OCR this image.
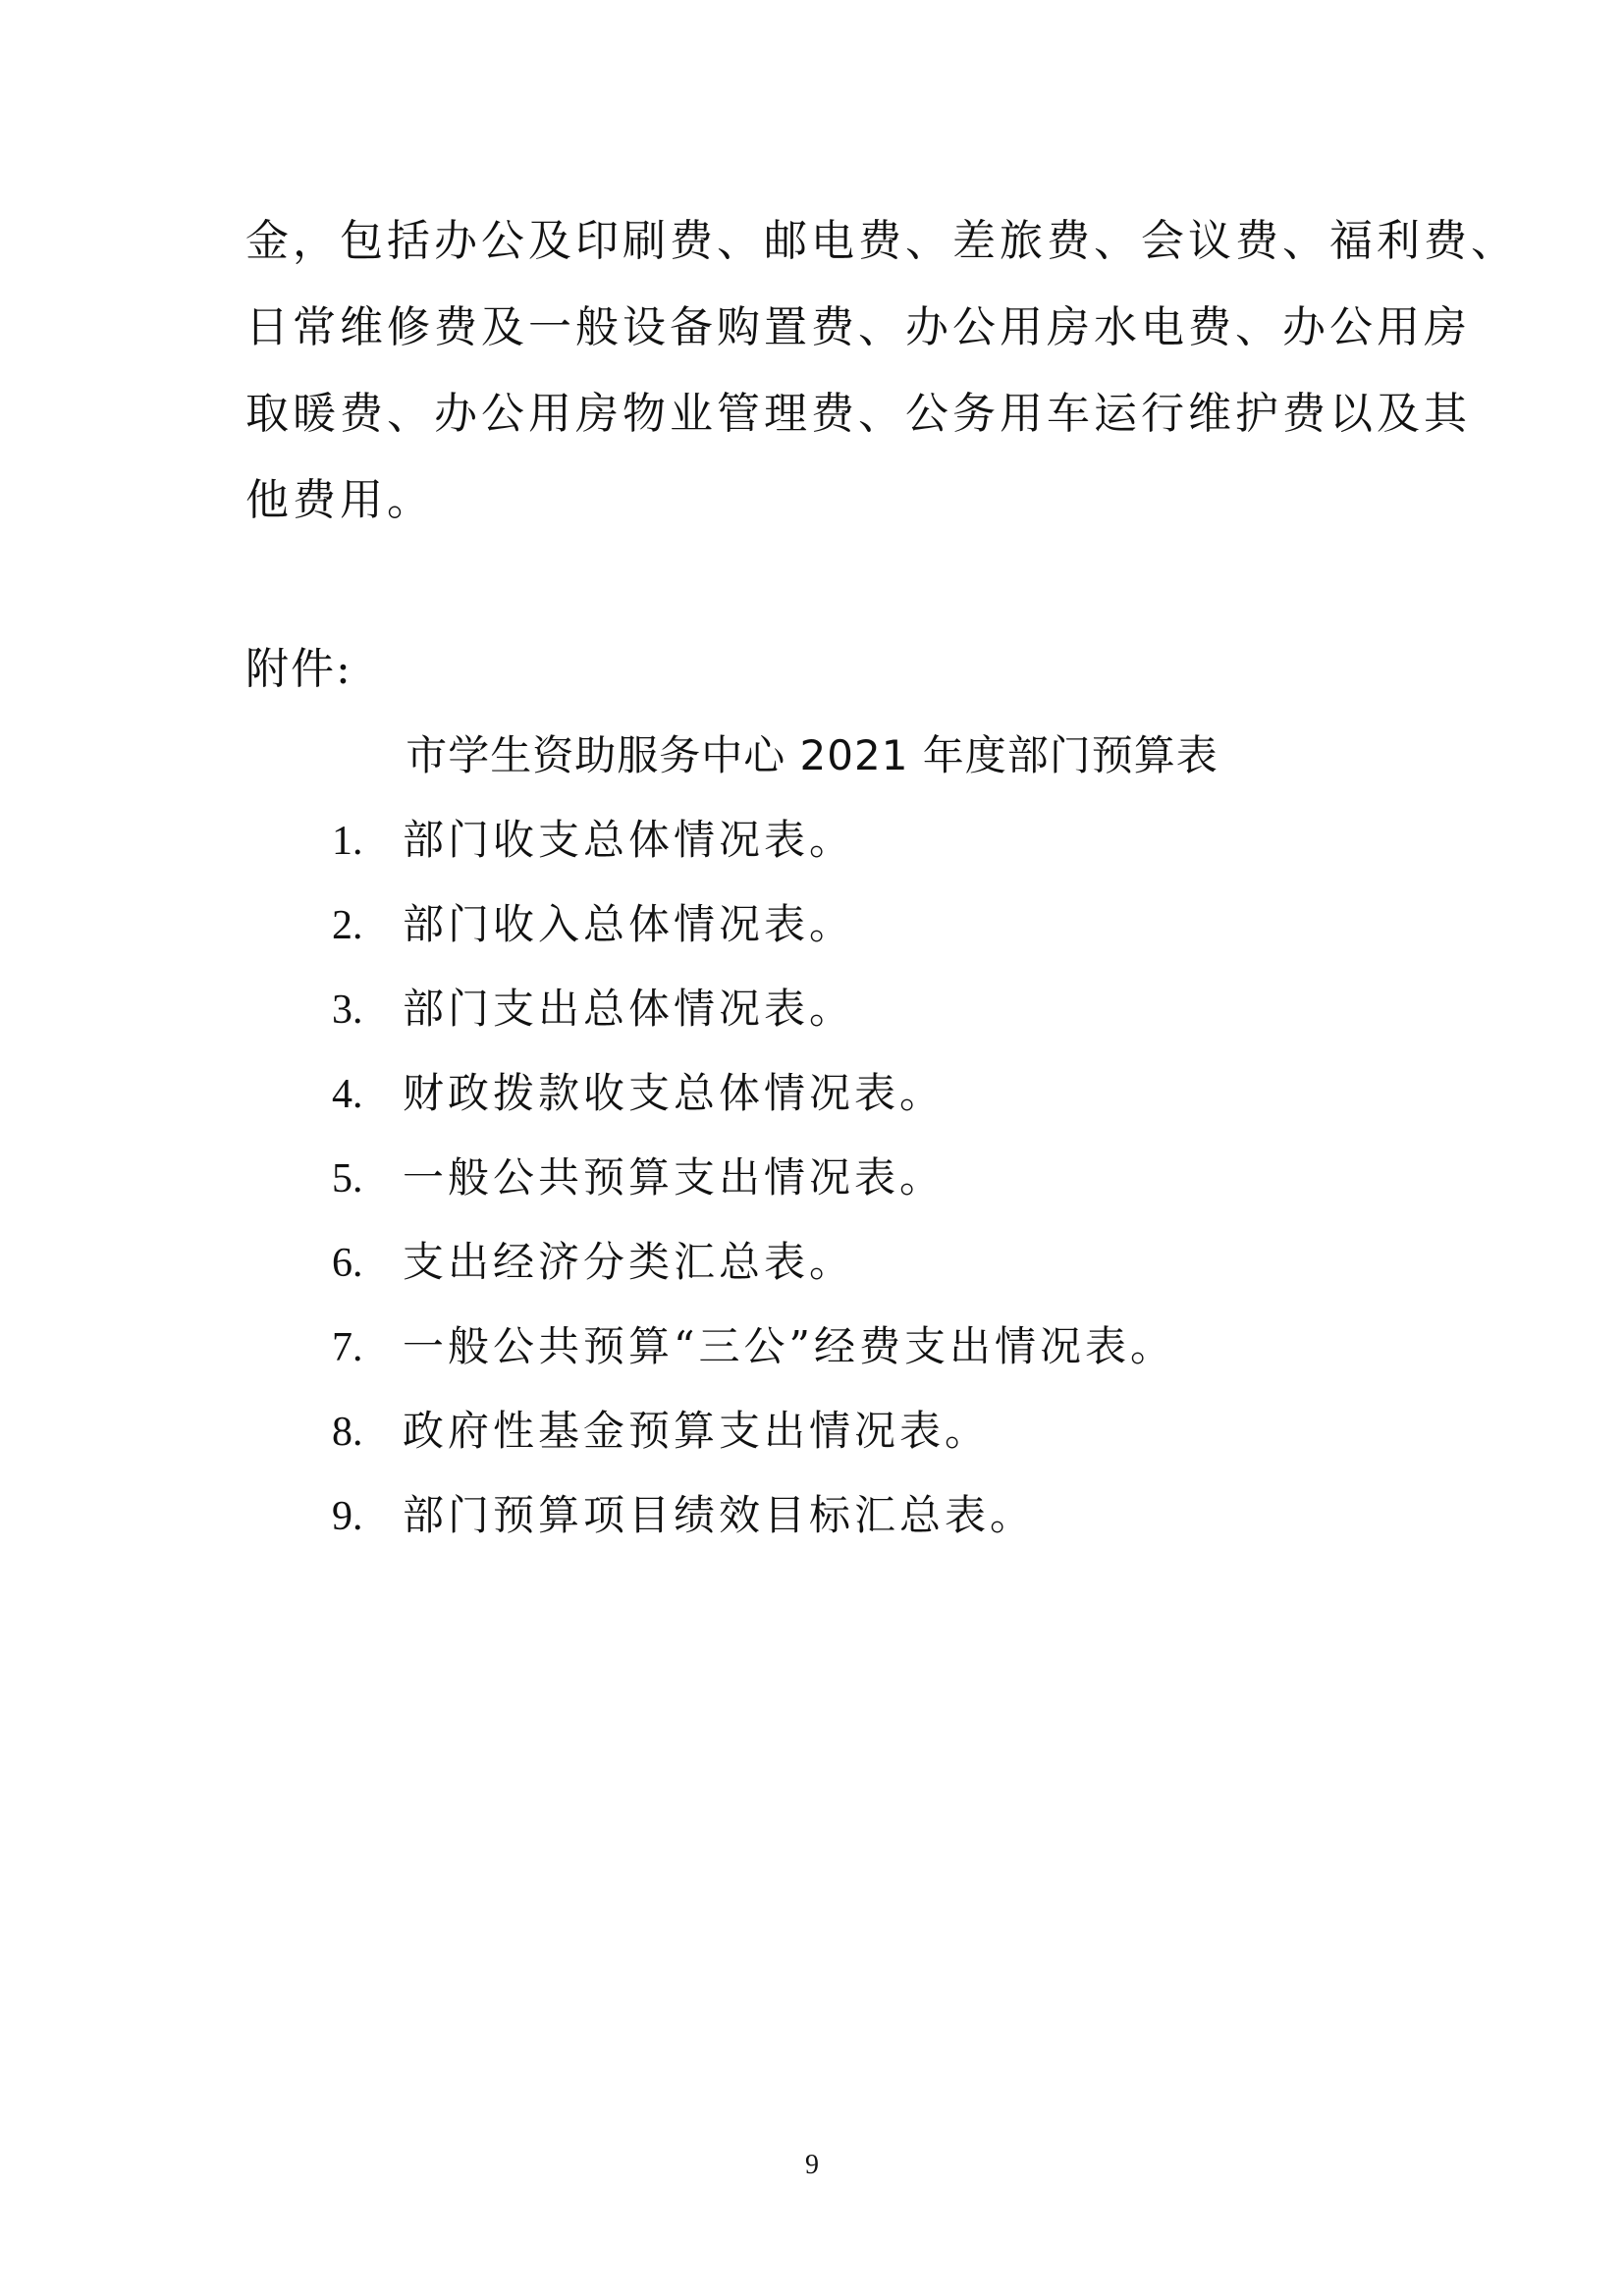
金，包括办公及印刷费、邮电费、差旅费、会议费、福利费、
日常维修费及一般设备购置费、办公用房水电费、办公用房
取暖费、办公用房物业管理费、公务用车运行维护费以及其
他费用。
附件:
市学生资助服务中心 2021 年度部门预算表
1. 部门收支总体情况表。
2. 部门收入总体情况表。
3. 部门支出总体情况表。
4. 财政拨款收支总体情况表。
5. 一般公共预算支出情况表。
6. 支出经济分类汇总表。
7. 一般公共预算“三公”经费支出情况表。
8. 政府性基金预算支出情况表。
9. 部门预算项目绩效目标汇总表。
9
